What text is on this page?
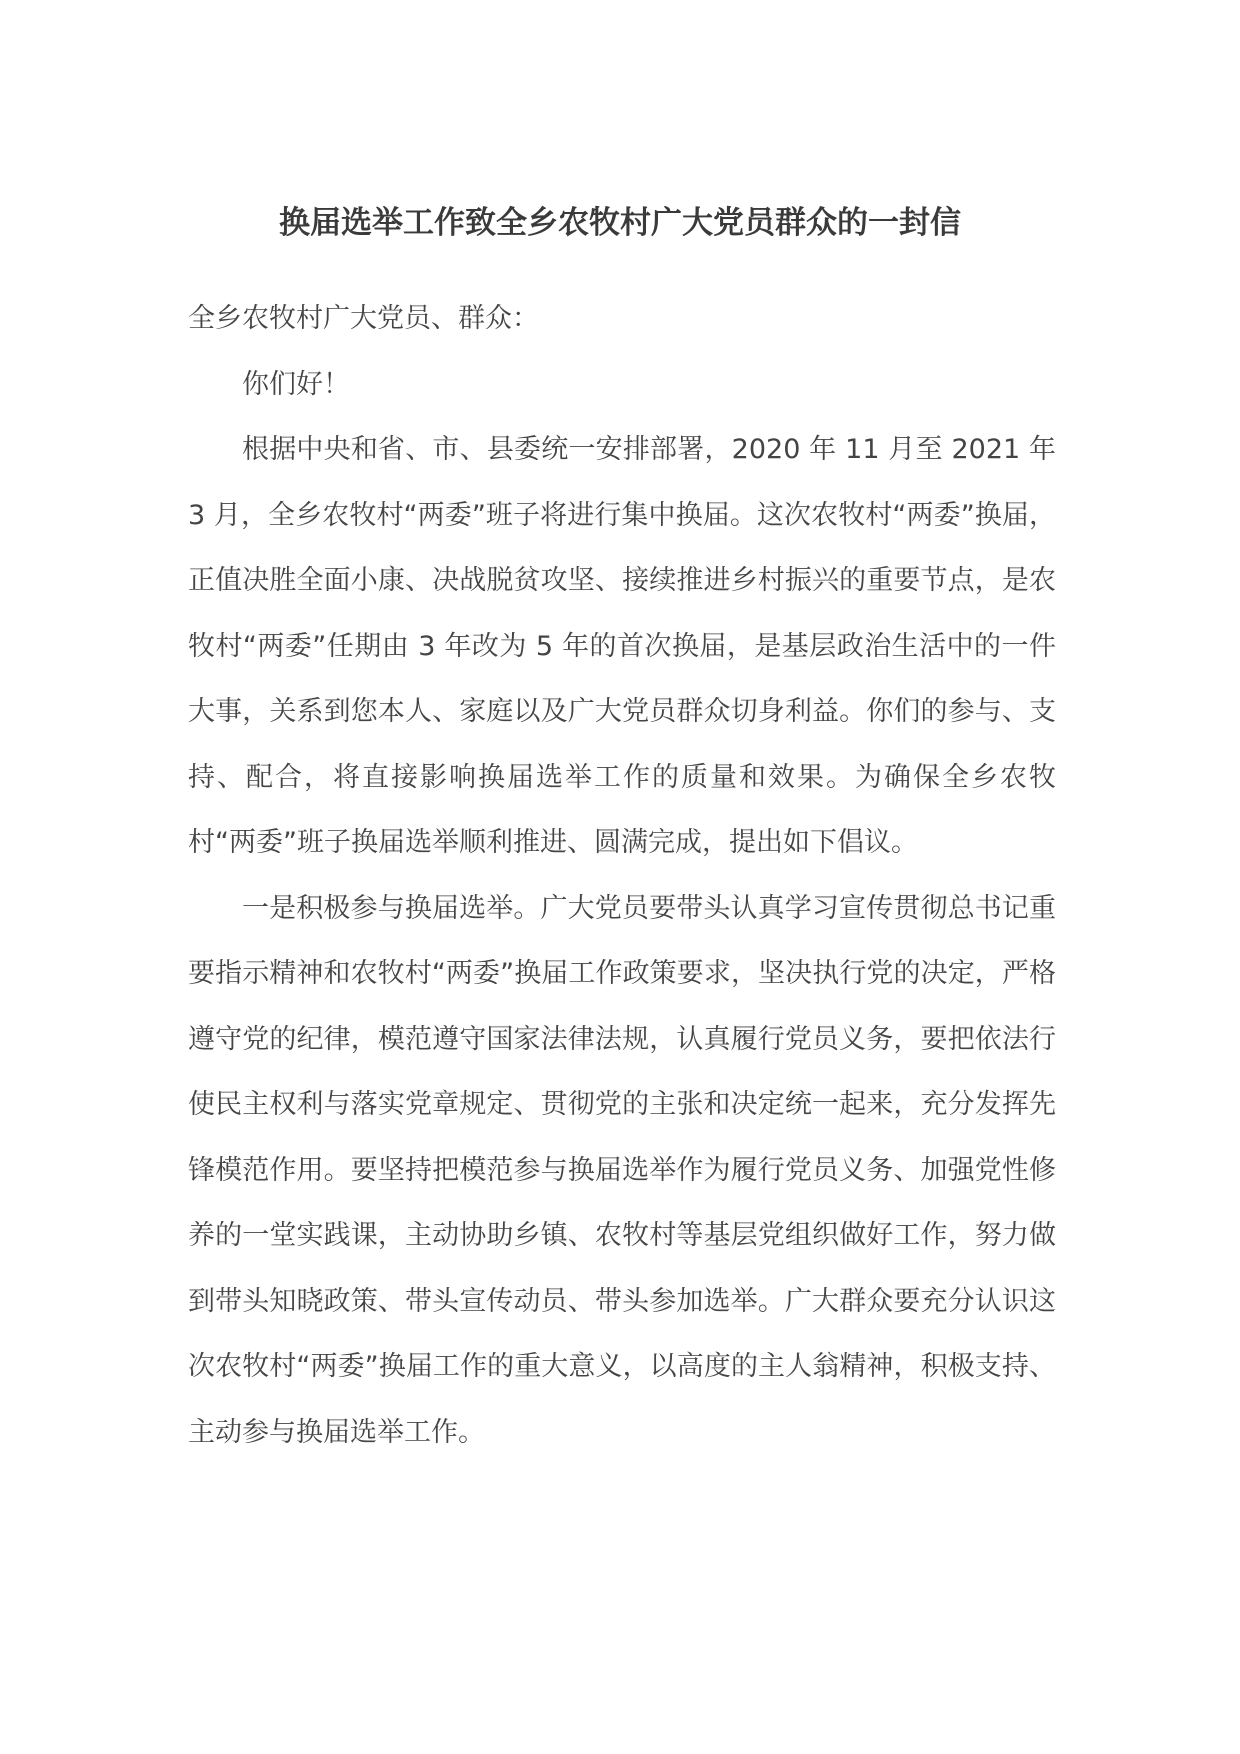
换届选举工作致全乡农牧村广大党员群众的一封信

全乡农牧村广大党员、群众：

你们好！

根据中央和省、市、县委统一安排部署，2020 年 11 月至 2021 年 3 月，全乡农牧村“两委”班子将进行集中换届。这次农牧村“两委”换届，正值决胜全面小康、决战脱贫攻坚、接续推进乡村振兴的重要节点，是农牧村“两委”任期由 3 年改为 5 年的首次换届，是基层政治生活中的一件大事，关系到您本人、家庭以及广大党员群众切身利益。你们的参与、支持、配合，将直接影响换届选举工作的质量和效果。为确保全乡农牧村“两委”班子换届选举顺利推进、圆满完成，提出如下倡议。

一是积极参与换届选举。广大党员要带头认真学习宣传贯彻总书记重要指示精神和农牧村“两委”换届工作政策要求，坚决执行党的决定，严格遵守党的纪律，模范遵守国家法律法规，认真履行党员义务，要把依法行使民主权利与落实党章规定、贯彻党的主张和决定统一起来，充分发挥先锋模范作用。要坚持把模范参与换届选举作为履行党员义务、加强党性修养的一堂实践课，主动协助乡镇、农牧村等基层党组织做好工作，努力做到带头知晓政策、带头宣传动员、带头参加选举。广大群众要充分认识这次农牧村“两委”换届工作的重大意义，以高度的主人翁精神，积极支持、主动参与换届选举工作。
